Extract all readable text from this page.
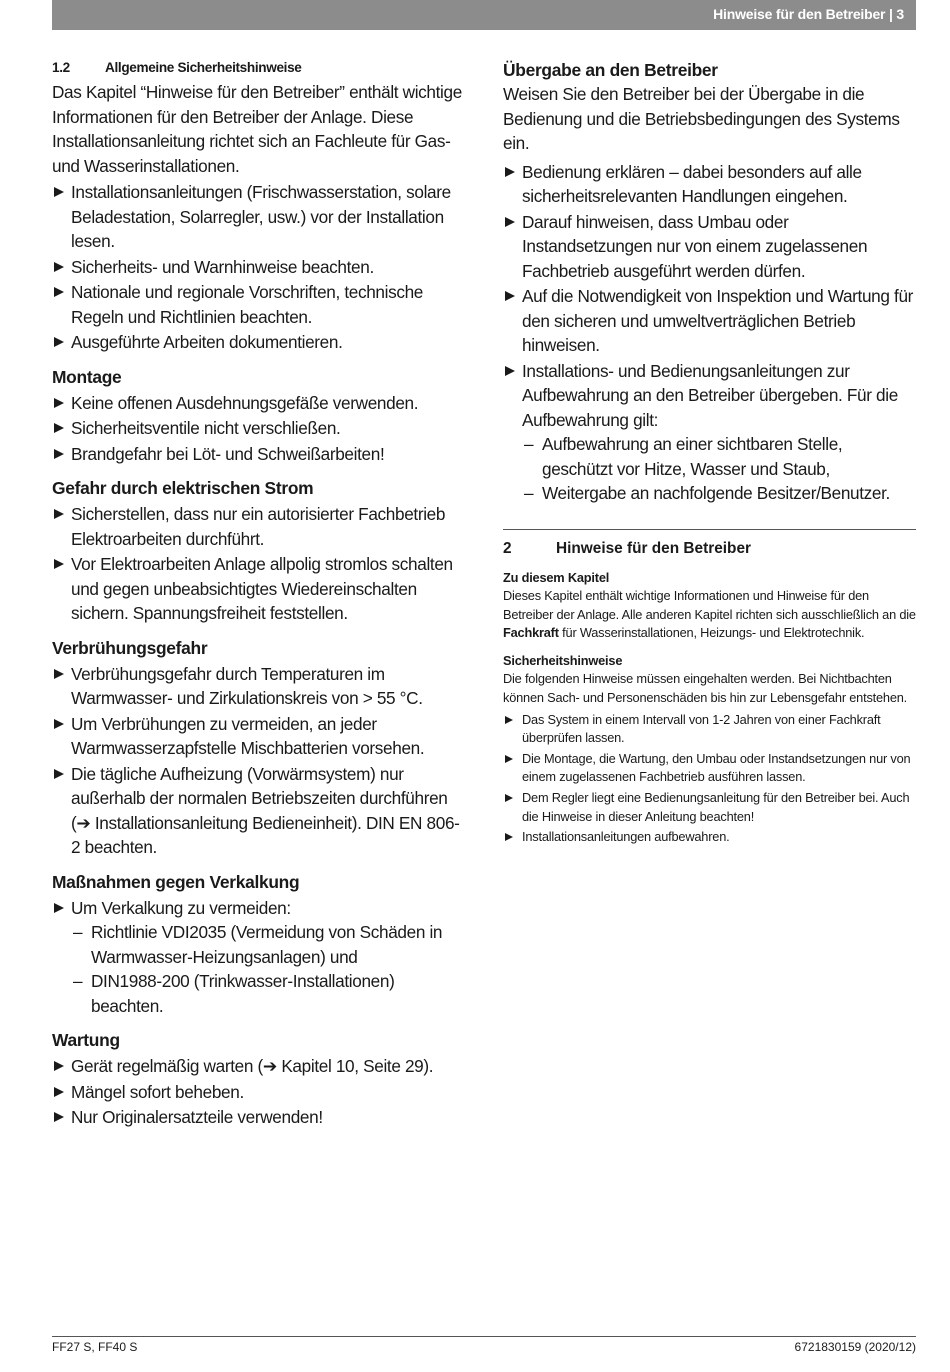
Hinweise für den Betreiber | 3
1.2	Allgemeine Sicherheitshinweise

Das Kapitel “Hinweise für den Betreiber” enthält wichtige Informationen für den Betreiber der Anlage. Diese Installationsanleitung richtet sich an Fachleute für Gas- und Wasserinstallationen.

Installationsanleitungen (Frischwasserstation, solare Beladestation, Solarregler, usw.) vor der Installation lesen.
Sicherheits- und Warnhinweise beachten.
Nationale und regionale Vorschriften, technische Regeln und Richtlinien beachten.
Ausgeführte Arbeiten dokumentieren.
Montage
Keine offenen Ausdehnungsgefäße verwenden.
Sicherheitsventile nicht verschließen.
Brandgefahr bei Löt- und Schweißarbeiten!
Gefahr durch elektrischen Strom
Sicherstellen, dass nur ein autorisierter Fachbetrieb Elektroarbeiten durchführt.
Vor Elektroarbeiten Anlage allpolig stromlos schalten und gegen unbeabsichtigtes Wiedereinschalten sichern. Spannungsfreiheit feststellen.
Verbrühungsgefahr
Verbrühungsgefahr durch Temperaturen im Warmwasser- und Zirkulationskreis von > 55 °C.
Um Verbrühungen zu vermeiden, an jeder Warmwasserzapfstelle Mischbatterien vorsehen.
Die tägliche Aufheizung (Vorwärmsystem) nur außerhalb der normalen Betriebszeiten durchführen (➔ Installationsanleitung Bedieneinheit). DIN EN 806-2 beachten.
Maßnahmen gegen Verkalkung
Um Verkalkung zu vermeiden:
– Richtlinie VDI2035 (Vermeidung von Schäden in Warmwasser-Heizungsanlagen) und
– DIN1988-200 (Trinkwasser-Installationen) beachten.
Wartung
Gerät regelmäßig warten (➔ Kapitel 10, Seite 29).
Mängel sofort beheben.
Nur Originalersatzteile verwenden!
Übergabe an den Betreiber

Weisen Sie den Betreiber bei der Übergabe in die Bedienung und die Betriebsbedingungen des Systems ein.

Bedienung erklären – dabei besonders auf alle sicherheitsrelevanten Handlungen eingehen.
Darauf hinweisen, dass Umbau oder Instandsetzungen nur von einem zugelassenen Fachbetrieb ausgeführt werden dürfen.
Auf die Notwendigkeit von Inspektion und Wartung für den sicheren und umweltverträglichen Betrieb hinweisen.
Installations- und Bedienungsanleitungen zur Aufbewahrung an den Betreiber übergeben. Für die Aufbewahrung gilt:
– Aufbewahrung an einer sichtbaren Stelle, geschützt vor Hitze, Wasser und Staub,
– Weitergabe an nachfolgende Besitzer/Benutzer.
2	Hinweise für den Betreiber
Zu diesem Kapitel

Dieses Kapitel enthält wichtige Informationen und Hinweise für den Betreiber der Anlage. Alle anderen Kapitel richten sich ausschließlich an die Fachkraft für Wasserinstallationen, Heizungs- und Elektrotechnik.

Sicherheitshinweise

Die folgenden Hinweise müssen eingehalten werden. Bei Nichtbachten können Sach- und Personenschäden bis hin zur Lebensgefahr entstehen.

Das System in einem Intervall von 1-2 Jahren von einer Fachkraft überprüfen lassen.
Die Montage, die Wartung, den Umbau oder Instandsetzungen nur von einem zugelassenen Fachbetrieb ausführen lassen.
Dem Regler liegt eine Bedienungsanleitung für den Betreiber bei. Auch die Hinweise in dieser Anleitung beachten!
Installationsanleitungen aufbewahren.
FF27 S, FF40 S	6721830159 (2020/12)
